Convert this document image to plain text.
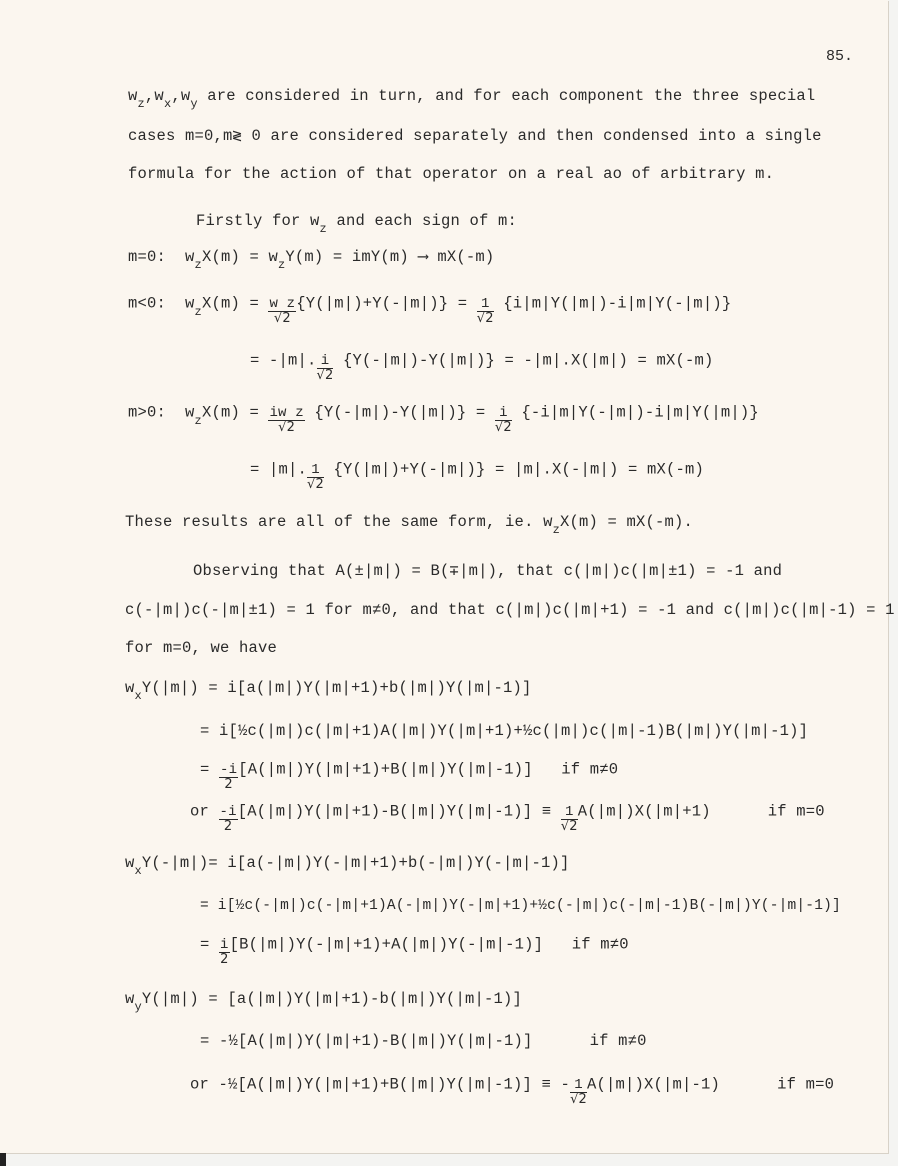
85.
$w_z,w_x,w_y$ are considered in turn, and for each component the three special
cases m=0,m≷ 0 are considered separately and then condensed into a single
formula for the action of that operator on a real ao of arbitrary m.
Firstly for $w_z$ and each sign of m:
m=0:  $w_zX(m) = w_zY(m) = imY(m)$ ⟶ mX(-m)
m<0:  $w_zX(m) = \frac{\text{w z}}{√2} \{Y(|m|)+Y(-|m|)\} = \frac{1}{√2} \{i|m|Y(|m|)-i|m|Y(-|m|)\}$
= -|m|. $\frac{i}{√2} \{Y(-|m|)-Y(|m|)\} = -|m|.X(|m|) = mX(-m)$
m>0:  $w_zX(m) = \frac{\text{iw z}}{√2} \{Y(-|m|)-Y(|m|)\} = \frac{i}{√2} \{-i|m|Y(-|m|)-i|m|Y(|m|)\}$
= |m|. $\frac{1}{√2} \{Y(|m|)+Y(-|m|)\} = |m|.X(-|m|) = mX(-m)$
These results are all of the same form, ie. $w_zX(m) = mX(-m)$.
Observing that A(±|m|) = B(∓|m|), that c(|m|)c(|m|±1) = -1 and
c(-|m|)c(-|m|±1) = 1 for m≠0, and that c(|m|)c(|m|+1) = -1 and c(|m|)c(|m|-1) = 1
for m=0, we have
$w_xY(|m|) = i[a(|m|)Y(|m|+1)+b(|m|)Y(|m|-1)]$
= i[½c(|m|)c(|m|+1)A(|m|)Y(|m|+1)+½c(|m|)c(|m|-1)B(|m|)Y(|m|-1)]
= $\frac{-i}{2} [A(|m|)Y(|m|+1)+B(|m|)Y(|m|-1)]$ if m≠0
or $\frac{-i}{2} [A(|m|)Y(|m|+1)-B(|m|)Y(|m|-1)] \equiv \frac{1}{√2} A(|m|)X(|m|+1)$	if m=0
$w_xY(-|m|)= i[a(-|m|)Y(-|m|+1)+b(-|m|)Y(-|m|-1)]$
= i[½c(-|m|)c(-|m|+1)A(-|m|)Y(-|m|+1)+½c(-|m|)c(-|m|-1)B(-|m|)Y(-|m|-1)]
= $\frac{i}{2} [B(|m|)Y(-|m|+1)+A(|m|)Y(-|m|-1)]$ if m≠0
$w_yY(|m|) = [a(|m|)Y(|m|+1)-b(|m|)Y(|m|-1)]$
= -½[A(|m|)Y(|m|+1)-B(|m|)Y(|m|-1)]	if m≠0
or -½[A(|m|)Y(|m|+1)+B(|m|)Y(|m|-1)] ≡ - $\frac{1}{√2} A(|m|)X(|m|-1)$	if m=0
